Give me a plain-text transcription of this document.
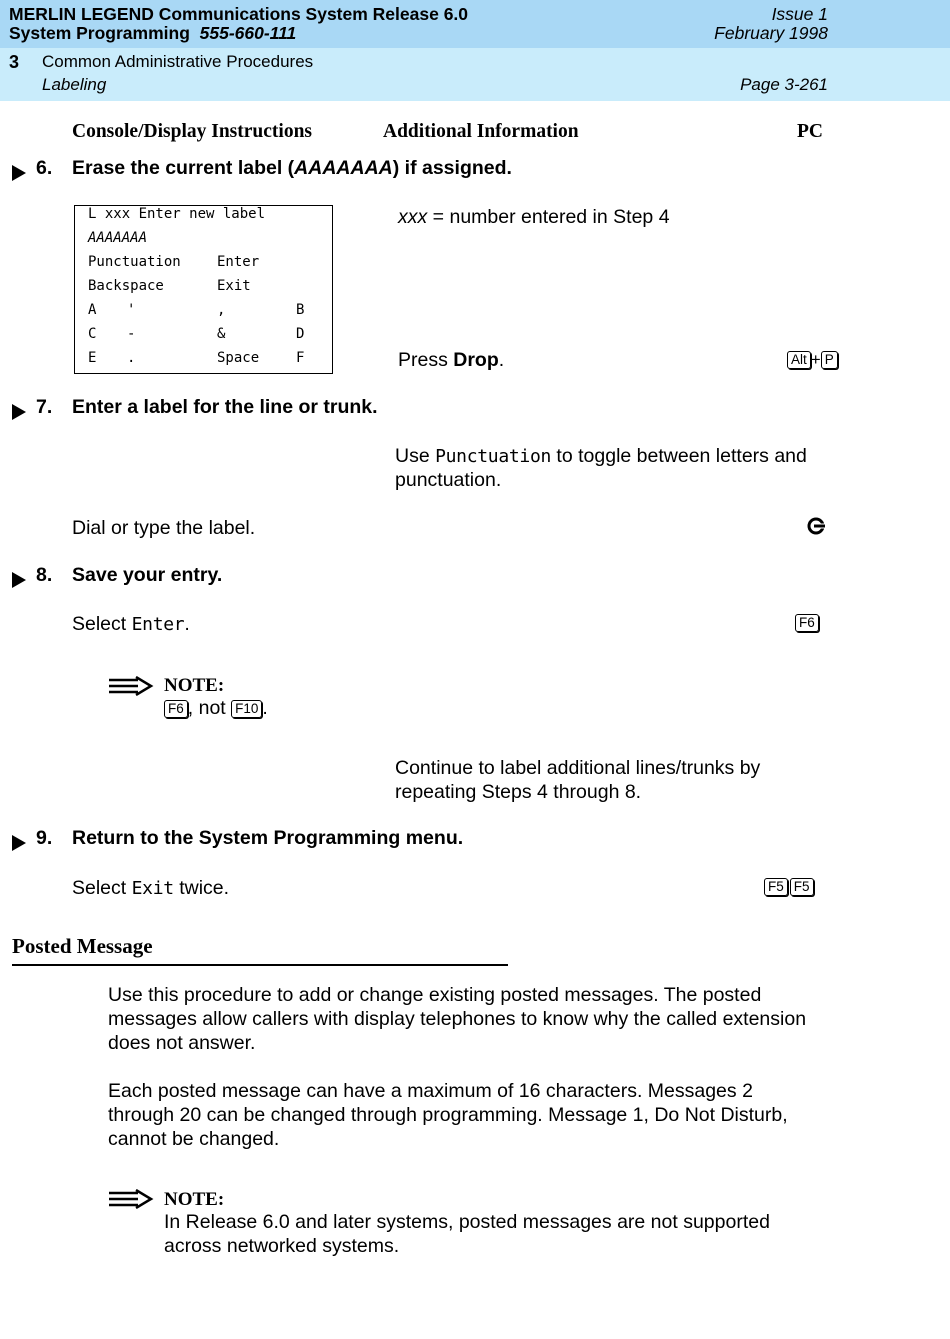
MERLIN LEGEND Communications System Release 6.0
System Programming 555-660-111
Issue 1
February 1998
3 Common Administrative Procedures
Labeling	Page 3-261
Console/Display Instructions	Additional Information	PC
6. Erase the current label (AAAAAAA) if assigned.
L xxx Enter new label
AAAAAAA
Punctuation	Enter
Backspace	Exit
A '	,	B
C -	&	D
E .	Space	F
xxx = number entered in Step 4
Press Drop.	Alt + P
7. Enter a label for the line or trunk.
Use Punctuation to toggle between letters and
punctuation.
Dial or type the label.
8. Save your entry.
Select Enter.	F6
NOTE:
F6 , not F10 .
Continue to label additional lines/trunks by
repeating Steps 4 through 8.
9. Return to the System Programming menu.
Select Exit twice.	F5 F5
Posted Message
Use this procedure to add or change existing posted messages. The posted
messages allow callers with display telephones to know why the called extension
does not answer.
Each posted message can have a maximum of 16 characters. Messages 2
through 20 can be changed through programming. Message 1, Do Not Disturb,
cannot be changed.
NOTE:
In Release 6.0 and later systems, posted messages are not supported
across networked systems.
